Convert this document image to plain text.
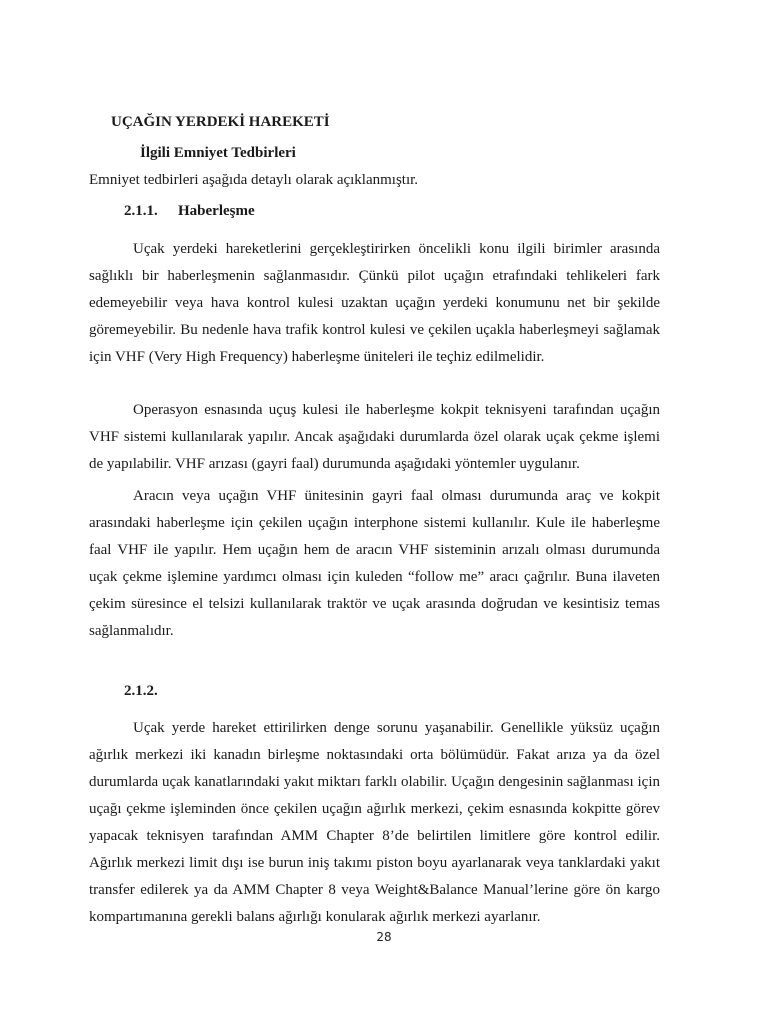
UÇAĞIN YERDEKİ HAREKETİ
İlgili Emniyet Tedbirleri

Emniyet tedbirleri aşağıda detaylı olarak açıklanmıştır.

2.1.1. Haberleşme

Uçak yerdeki hareketlerini gerçekleştirirken öncelikli konu ilgili birimler arasında sağlıklı bir haberleşmenin sağlanmasıdır. Çünkü pilot uçağın etrafındaki tehlikeleri fark edemeyebilir veya hava kontrol kulesi uzaktan uçağın yerdeki konumunu net bir şekilde göremeyebilir. Bu nedenle hava trafik kontrol kulesi ve çekilen uçakla haberleşmeyi sağlamak için VHF (Very High Frequency) haberleşme üniteleri ile teçhiz edilmelidir.

Operasyon esnasında uçuş kulesi ile haberleşme kokpit teknisyeni tarafından uçağın VHF sistemi kullanılarak yapılır. Ancak aşağıdaki durumlarda özel olarak uçak çekme işlemi de yapılabilir. VHF arızası (gayri faal) durumunda aşağıdaki yöntemler uygulanır.

Aracın veya uçağın VHF ünitesinin gayri faal olması durumunda araç ve kokpit arasındaki haberleşme için çekilen uçağın interphone sistemi kullanılır. Kule ile haberleşme faal VHF ile yapılır. Hem uçağın hem de aracın VHF sisteminin arızalı olması durumunda uçak çekme işlemine yardımcı olması için kuleden “follow me” aracı çağrılır. Buna ilaveten çekim süresince el telsizi kullanılarak traktör ve uçak arasında doğrudan ve kesintisiz temas sağlanmalıdır.

2.1.2.

Uçak yerde hareket ettirilirken denge sorunu yaşanabilir. Genellikle yüksüz uçağın ağırlık merkezi iki kanadın birleşme noktasındaki orta bölümüdür. Fakat arıza ya da özel durumlarda uçak kanatlarındaki yakıt miktarı farklı olabilir. Uçağın dengesinin sağlanması için uçağı çekme işleminden önce çekilen uçağın ağırlık merkezi, çekim esnasında kokpitte görev yapacak teknisyen tarafından AMM Chapter 8’de belirtilen limitlere göre kontrol edilir. Ağırlık merkezi limit dışı ise burun iniş takımı piston boyu ayarlanarak veya tanklardaki yakıt transfer edilerek ya da AMM Chapter 8 veya Weight&Balance Manual’lerine göre ön kargo kompartımanına gerekli balans ağırlığı konularak ağırlık merkezi ayarlanır.

28
